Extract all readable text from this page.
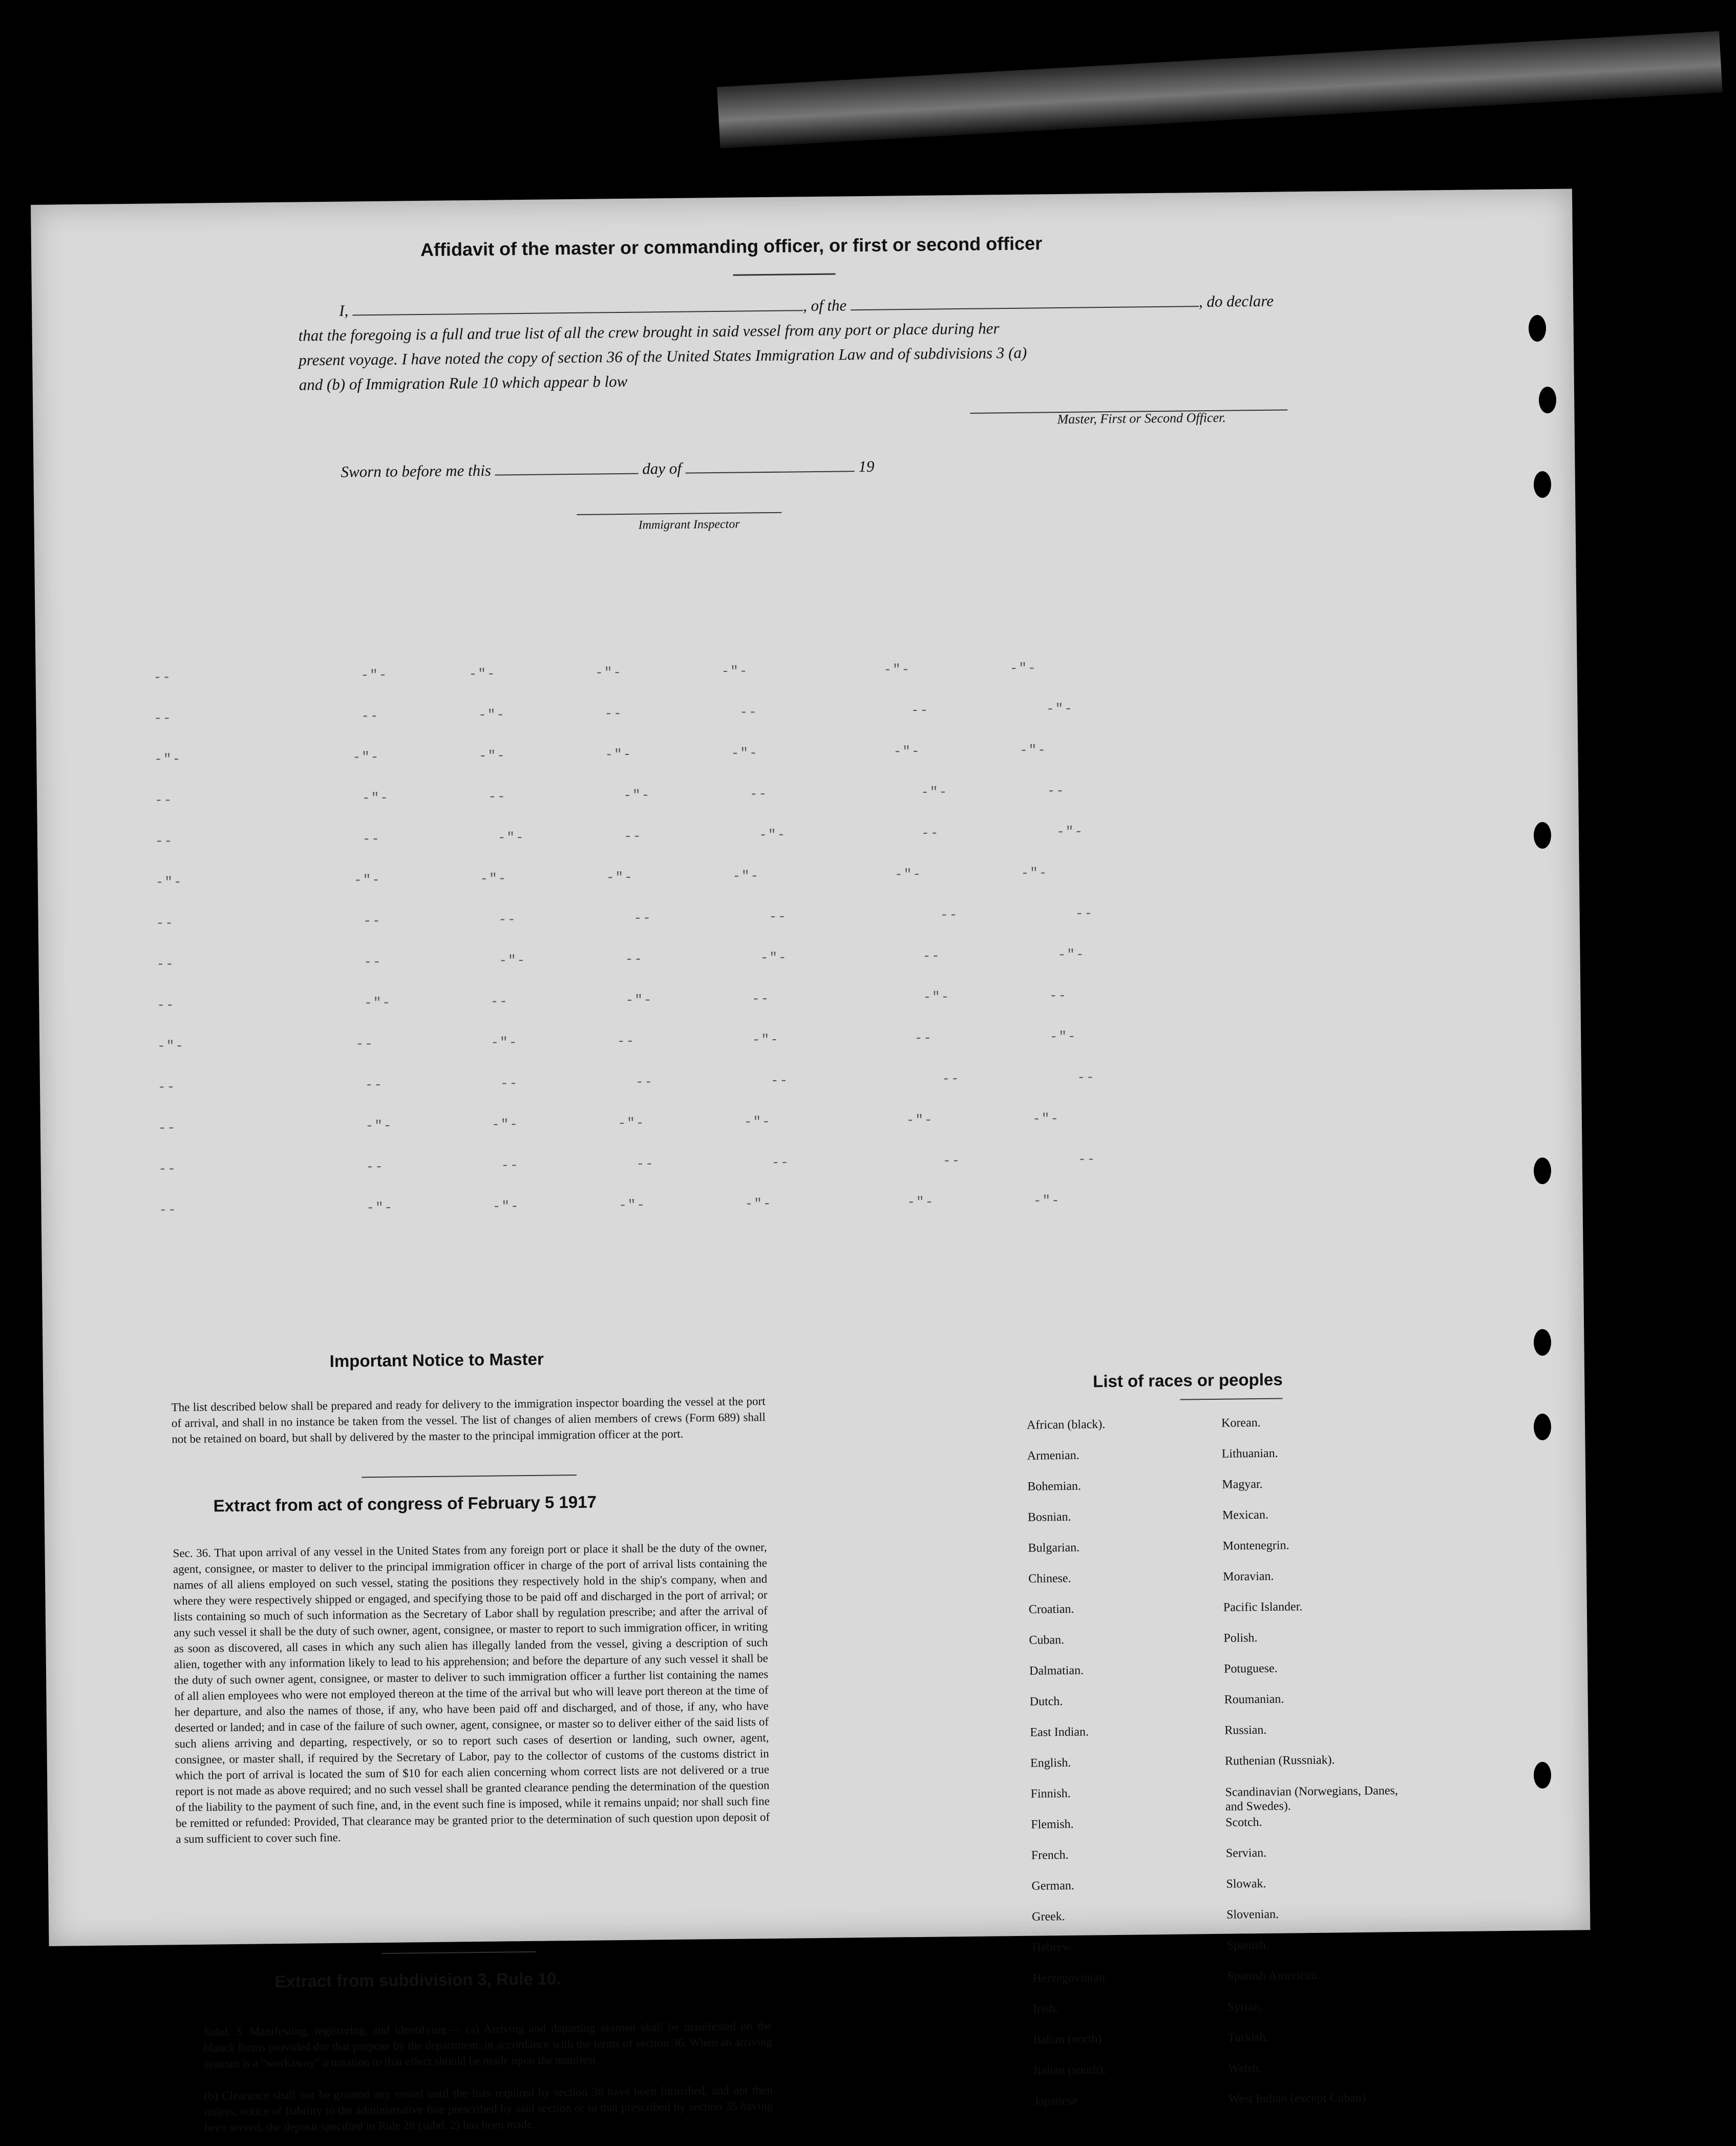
Affidavit of the master or commanding officer, or first or second officer
I,	, of the	, do declare
that the foregoing is a full and true list of all the crew brought in said vessel from any port or place during her
present voyage. I have noted the copy of section 36 of the United States Immigration Law and of subdivisions 3 (a)
and (b) of Immigration Rule 10 which appear b low
Master, First or Second Officer.
Sworn to before me this	day of	19
Immigrant Inspector
--                     -"-         -"-           -"-           -"-               -"-           -"-
--                     --           -"-           --             --                 --             -"-
-"-                   -"-           -"-           -"-           -"-               -"-           -"-
--                     -"-           --             -"-           --                 -"-           --
--                     --             -"-           --             -"-               --             -"-
-"-                   -"-           -"-           -"-           -"-               -"-           -"-
--                     --             --             --             --                 --             --
--                     --             -"-           --             -"-               --             -"-
--                     -"-           --             -"-           --                 -"-           --
-"-                   --             -"-           --             -"-               --             -"-
--                     --             --             --             --                 --             --
--                     -"-           -"-           -"-           -"-               -"-           -"-
--                     --             --             --             --                 --             --
--                     -"-           -"-           -"-           -"-               -"-           -"-
Important Notice to Master
The list described below shall be prepared and ready for delivery to the immigration inspector boarding the vessel at the port of arrival, and shall in no instance be taken from the vessel. The list of changes of alien members of crews (Form 689) shall not be retained on board, but shall by delivered by the master to the principal immigration officer at the port.
Extract from act of congress of February 5 1917
Sec. 36. That upon arrival of any vessel in the United States from any foreign port or place it shall be the duty of the owner, agent, consignee, or master to deliver to the principal immigration officer in charge of the port of arrival lists containing the names of all aliens employed on such vessel, stating the positions they respectively hold in the ship's company, when and where they were respectively shipped or engaged, and specifying those to be paid off and discharged in the port of arrival; or lists containing so much of such information as the Secretary of Labor shall by regulation prescribe; and after the arrival of any such vessel it shall be the duty of such owner, agent, consignee, or master to report to such immigration officer, in writing as soon as discovered, all cases in which any such alien has illegally landed from the vessel, giving a description of such alien, together with any information likely to lead to his apprehension; and before the departure of any such vessel it shall be the duty of such owner agent, consignee, or master to deliver to such immigration officer a further list containing the names of all alien employees who were not employed thereon at the time of the arrival but who will leave port thereon at the time of her departure, and also the names of those, if any, who have been paid off and discharged, and of those, if any, who have deserted or landed; and in case of the failure of such owner, agent, consignee, or master so to deliver either of the said lists of such aliens arriving and departing, respectively, or so to report such cases of desertion or landing, such owner, agent, consignee, or master shall, if required by the Secretary of Labor, pay to the collector of customs of the customs district in which the port of arrival is located the sum of $10 for each alien concerning whom correct lists are not delivered or a true report is not made as above required; and no such vessel shall be granted clearance pending the determination of the question of the liability to the payment of such fine, and, in the event such fine is imposed, while it remains unpaid; nor shall such fine be remitted or refunded: Provided, That clearance may be granted prior to the determination of such question upon deposit of a sum sufficient to cover such fine.
Extract from subdivision 3, Rule 10.
Subd. 3. Manifesting, registering, and identifying.— (a) Arriving and departing seamen shall be manifested on the blanck forms provided dor that purpose by the department, in accordance with the terms of section 36. When an arriving seaman is a "workaway" a notation to that effect should be made upon the manifest.
(b) Clearance shall not be granted any vessel until the lists required by section 36 have been furnished, and not then unless, notice of liability to the administrative fine prescribed by said section or to that prescribed by section 35 having been served, the deposit specified in Rule 28 (subd. 2) has been made.
List of races or peoples
African (black).
Armenian.
Bohemian.
Bosnian.
Bulgarian.
Chinese.
Croatian.
Cuban.
Dalmatian.
Dutch.
East Indian.
English.
Finnish.
Flemish.
French.
German.
Greek.
Hebrew.
Herzegovinian.
Irish.
Italian (north)
Italian (south).
Japanese
Korean.
Lithuanian.
Magyar.
Mexican.
Montenegrin.
Moravian.
Pacific Islander.
Polish.
Potuguese.
Roumanian.
Russian.
Ruthenian (Russniak).
Scandinavian (Norwegians, Danes, and Swedes).
Scotch.
Servian.
Slowak.
Slovenian.
Spanish.
Spanish American.
Syrian.
Turkish.
Welsh.
West Indian (except Cuban)
